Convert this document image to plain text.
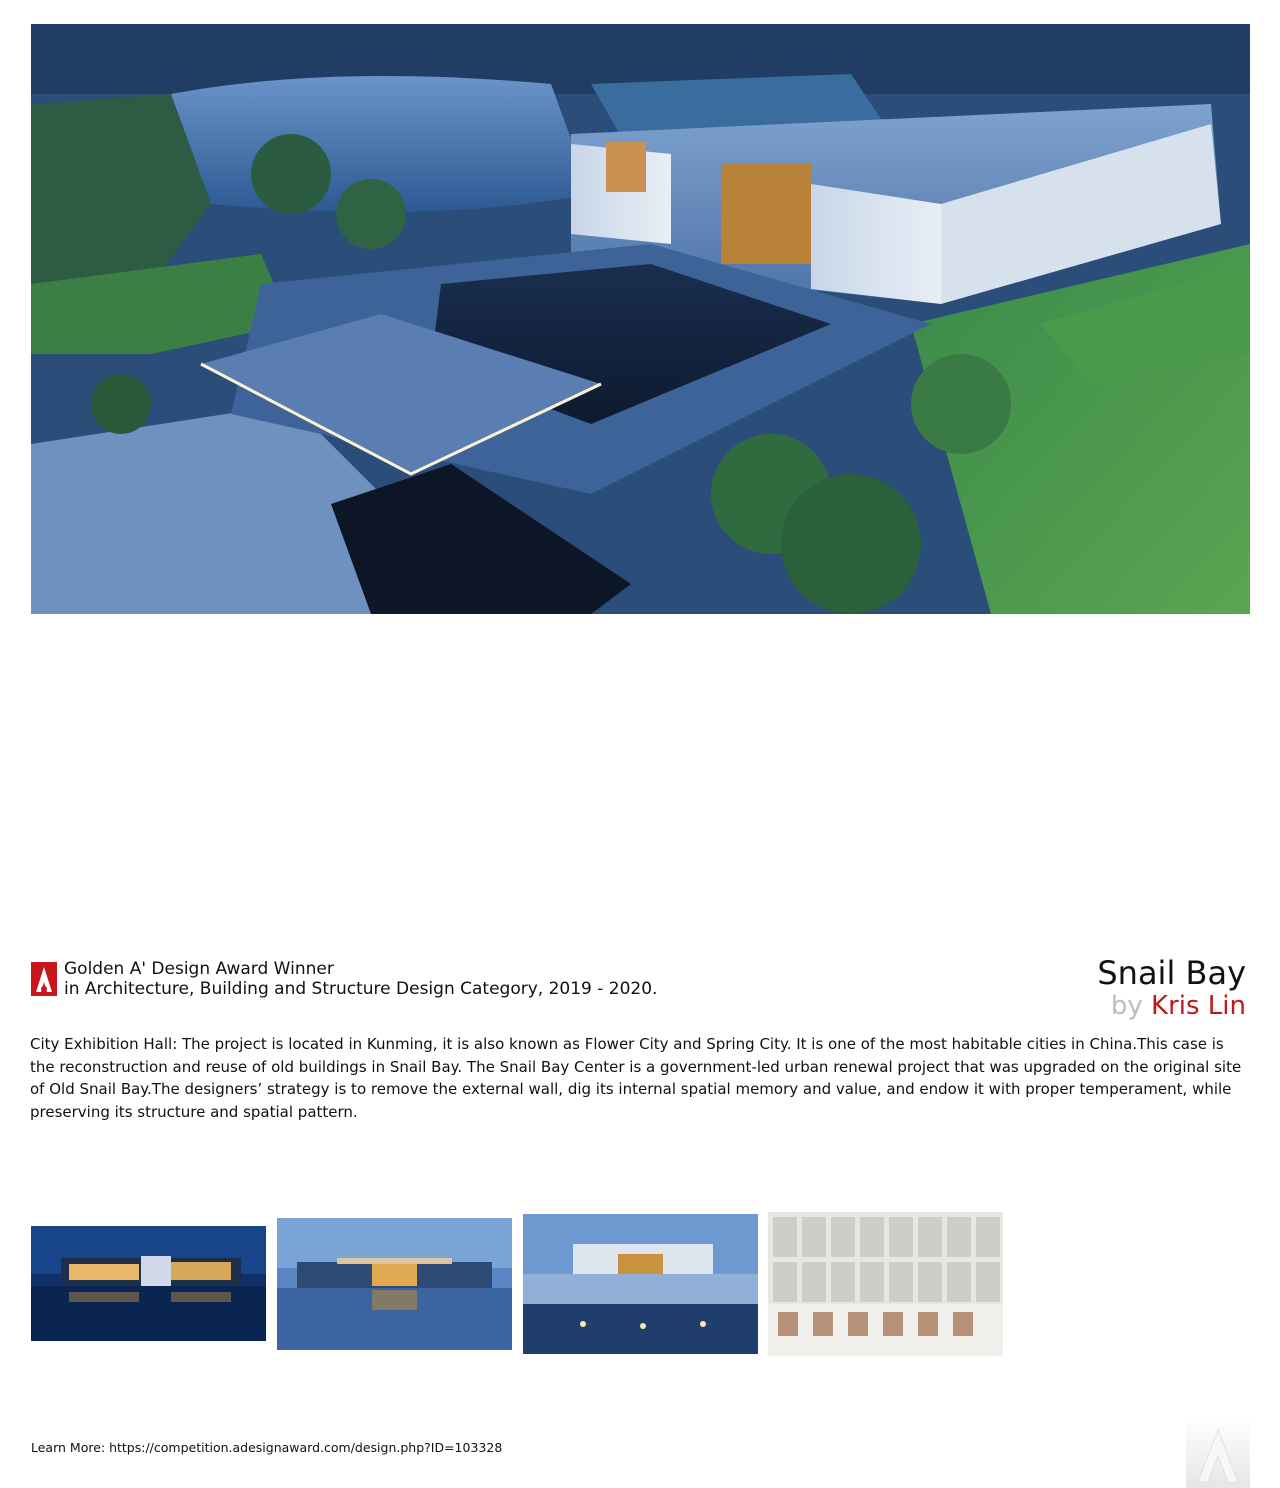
Golden A' Design Award Winner
in Architecture, Building and Structure Design Category, 2019 - 2020.	Snail Bay
by Kris Lin

City Exhibition Hall: The project is located in Kunming, it is also known as Flower City and Spring City. It is one of the most habitable cities in China.This case is the reconstruction and reuse of old buildings in Snail Bay. The Snail Bay Center is a government-led urban renewal project that was upgraded on the original site of Old Snail Bay.The designers’ strategy is to remove the external wall, dig its internal spatial memory and value, and endow it with proper temperament, while preserving its structure and spatial pattern.

Learn More: https://competition.adesignaward.com/design.php?ID=103328
